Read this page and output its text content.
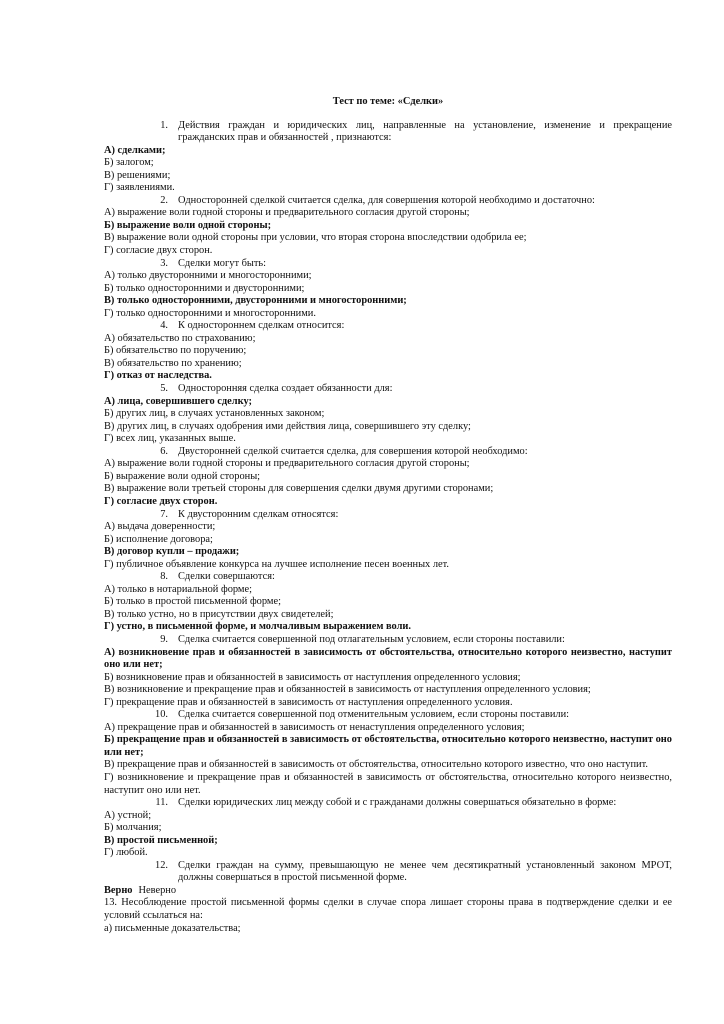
Тест по теме: «Сделки»
1. Действия граждан и юридических лиц, направленные на установление, изменение и прекращение гражданских прав и обязанностей , признаются:
А) сделками;
Б) залогом;
В) решениями;
Г) заявлениями.
2. Односторонней сделкой считается сделка, для совершения которой необходимо и достаточно:
А) выражение воли годной стороны и предварительного согласия другой стороны;
Б) выражение воли одной стороны;
В) выражение воли одной стороны при условии, что вторая сторона впоследствии одобрила ее;
Г) согласие двух сторон.
3. Сделки могут быть:
А) только двусторонними и многосторонними;
Б) только односторонними и двусторонними;
В) только односторонними, двусторонними и многосторонними;
Г) только односторонними и многосторонними.
4. К одностороннем сделкам относится:
А) обязательство по страхованию;
Б) обязательство по поручению;
В) обязательство по хранению;
Г) отказ от наследства.
5. Односторонняя сделка создает обязанности для:
А) лица, совершившего сделку;
Б) других лиц, в случаях установленных законом;
В) других лиц, в случаях одобрения ими действия лица, совершившего эту сделку;
Г) всех лиц, указанных выше.
6. Двусторонней сделкой считается сделка, для совершения которой необходимо:
А) выражение воли годной стороны и предварительного согласия другой стороны;
Б) выражение воли одной стороны;
В) выражение воли третьей стороны для совершения сделки двумя другими сторонами;
Г) согласие двух сторон.
7. К двусторонним сделкам относятся:
А) выдача доверенности;
Б) исполнение договора;
В) договор купли – продажи;
Г) публичное объявление конкурса на лучшее исполнение песен военных лет.
8. Сделки совершаются:
А) только в нотариальной форме;
Б) только в простой письменной форме;
В) только устно, но в присутствии двух свидетелей;
Г) устно, в письменной форме, и молчаливым выражением воли.
9. Сделка считается совершенной под отлагательным условием, если стороны поставили:
А) возникновение прав и обязанностей в зависимость от обстоятельства, относительно которого неизвестно, наступит оно или нет;
Б) возникновение прав и обязанностей в зависимость от наступления определенного условия;
В) возникновение и прекращение прав и обязанностей в зависимость от наступления определенного условия;
Г) прекращение прав и обязанностей в зависимость от наступления определенного условия.
10. Сделка считается совершенной под отменительным условием, если стороны поставили:
А) прекращение прав и обязанностей в зависимость от ненаступления определенного условия;
Б) прекращение прав и обязанностей в зависимость от обстоятельства, относительно которого неизвестно, наступит оно или нет;
В) прекращение прав и обязанностей в зависимость от обстоятельства, относительно которого известно, что оно наступит.
Г) возникновение и прекращение прав и обязанностей в зависимость от обстоятельства, относительно которого неизвестно, наступит оно или нет.
11. Сделки юридических лиц между собой и с гражданами должны совершаться обязательно в форме:
А) устной;
Б) молчания;
В) простой письменной;
Г) любой.
12. Сделки граждан на сумму, превышающую не менее чем десятикратный установленный законом МРОТ, должны совершаться в простой письменной форме.
Верно Неверно
13. Несоблюдение простой письменной формы сделки в случае спора лишает стороны права в подтверждение сделки и ее условий ссылаться на:
а) письменные доказательства;
